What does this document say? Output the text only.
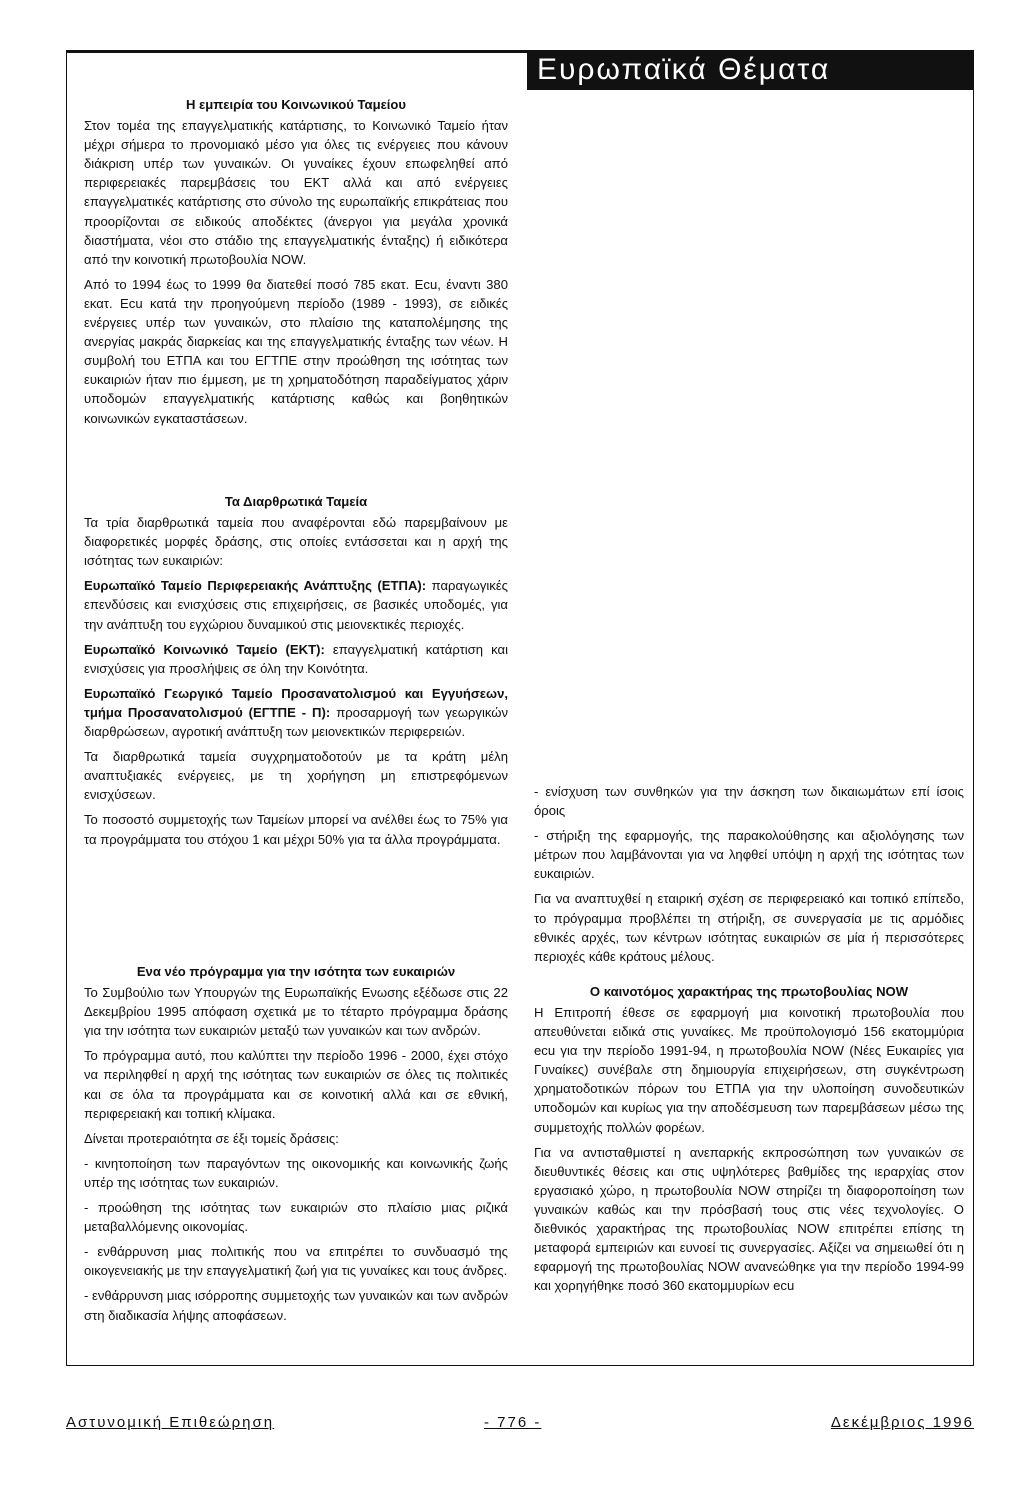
Ευρωπαϊκά Θέματα

Η εμπειρία του Κοινωνικού Ταμείου

Στον τομέα της επαγγελματικής κατάρτισης, το Κοινωνικό Ταμείο ήταν μέχρι σήμερα το προνομιακό μέσο για όλες τις ενέργειες που κάνουν διάκριση υπέρ των γυναικών. Οι γυναίκες έχουν επωφεληθεί από περιφερειακές παρεμβάσεις του ΕΚΤ αλλά και από ενέργειες επαγγελματικές κατάρτισης στο σύνολο της ευρωπαϊκής επικράτειας που προορίζονται σε ειδικούς αποδέκτες (άνεργοι για μεγάλα χρονικά διαστήματα, νέοι στο στάδιο της επαγγελματικής ένταξης) ή ειδικότερα από την κοινοτική πρωτοβουλία NOW.

Από το 1994 έως το 1999 θα διατεθεί ποσό 785 εκατ. Ecu, έναντι 380 εκατ. Ecu κατά την προηγούμενη περίοδο (1989 - 1993), σε ειδικές ενέργειες υπέρ των γυναικών, στο πλαίσιο της καταπολέμησης της ανεργίας μακράς διαρκείας και της επαγγελματικής ένταξης των νέων. Η συμβολή του ΕΤΠΑ και του ΕΓΤΠΕ στην προώθηση της ισότητας των ευκαιριών ήταν πιο έμμεση, με τη χρηματοδότηση παραδείγματος χάριν υποδομών επαγγελματικής κατάρτισης καθώς και βοηθητικών κοινωνικών εγκαταστάσεων.

Τα Διαρθρωτικά Ταμεία

Τα τρία διαρθρωτικά ταμεία που αναφέρονται εδώ παρεμβαίνουν με διαφορετικές μορφές δράσης, στις οποίες εντάσσεται και η αρχή της ισότητας των ευκαιριών:

Ευρωπαϊκό Ταμείο Περιφερειακής Ανάπτυξης (ΕΤΠΑ): παραγωγικές επενδύσεις και ενισχύσεις στις επιχειρήσεις, σε βασικές υποδομές, για την ανάπτυξη του εγχώριου δυναμικού στις μειονεκτικές περιοχές.

Ευρωπαϊκό Κοινωνικό Ταμείο (ΕΚΤ): επαγγελματική κατάρτιση και ενισχύσεις για προσλήψεις σε όλη την Κοινότητα.

Ευρωπαϊκό Γεωργικό Ταμείο Προσανατολισμού και Εγγυήσεων, τμήμα Προσανατολισμού (ΕΓΤΠΕ - Π): προσαρμογή των γεωργικών διαρθρώσεων, αγροτική ανάπτυξη των μειονεκτικών περιφερειών.

Τα διαρθρωτικά ταμεία συγχρηματοδοτούν με τα κράτη μέλη αναπτυξιακές ενέργειες, με τη χορήγηση μη επιστρεφόμενων ενισχύσεων.

Το ποσοστό συμμετοχής των Ταμείων μπορεί να ανέλθει έως το 75% για τα προγράμματα του στόχου 1 και μέχρι 50% για τα άλλα προγράμματα.

Ενα νέο πρόγραμμα για την ισότητα των ευκαιριών

Το Συμβούλιο των Υπουργών της Ευρωπαϊκής Ενωσης εξέδωσε στις 22 Δεκεμβρίου 1995 απόφαση σχετικά με το τέταρτο πρόγραμμα δράσης για την ισότητα των ευκαιριών μεταξύ των γυναικών και των ανδρών.

Το πρόγραμμα αυτό, που καλύπτει την περίοδο 1996 - 2000, έχει στόχο να περιληφθεί η αρχή της ισότητας των ευκαιριών σε όλες τις πολιτικές και σε όλα τα προγράμματα και σε κοινοτική αλλά και σε εθνική, περιφερειακή και τοπική κλίμακα.

Δίνεται προτεραιότητα σε έξι τομείς δράσεις:

- κινητοποίηση των παραγόντων της οικονομικής και κοινωνικής ζωής υπέρ της ισότητας των ευκαιριών.

- προώθηση της ισότητας των ευκαιριών στο πλαίσιο μιας ριζικά μεταβαλλόμενης οικονομίας.

- ενθάρρυνση μιας πολιτικής που να επιτρέπει το συνδυασμό της οικογενειακής με την επαγγελματική ζωή για τις γυναίκες και τους άνδρες.

- ενθάρρυνση μιας ισόρροπης συμμετοχής των γυναικών και των ανδρών στη διαδικασία λήψης αποφάσεων.

- ενίσχυση των συνθηκών για την άσκηση των δικαιωμάτων επί ίσοις όροις

- στήριξη της εφαρμογής, της παρακολούθησης και αξιολόγησης των μέτρων που λαμβάνονται για να ληφθεί υπόψη η αρχή της ισότητας των ευκαιριών.

Για να αναπτυχθεί η εταιρική σχέση σε περιφερειακό και τοπικό επίπεδο, το πρόγραμμα προβλέπει τη στήριξη, σε συνεργασία με τις αρμόδιες εθνικές αρχές, των κέντρων ισότητας ευκαιριών σε μία ή περισσότερες περιοχές κάθε κράτους μέλους.

Ο καινοτόμος χαρακτήρας της πρωτοβουλίας NOW

Η Επιτροπή έθεσε σε εφαρμογή μια κοινοτική πρωτοβουλία που απευθύνεται ειδικά στις γυναίκες. Με προϋπολογισμό 156 εκατομμύρια ecu για την περίοδο 1991-94, η πρωτοβουλία NOW (Νέες Ευκαιρίες για Γυναίκες) συνέβαλε στη δημιουργία επιχειρήσεων, στη συγκέντρωση χρηματοδοτικών πόρων του ΕΤΠΑ για την υλοποίηση συνοδευτικών υποδομών και κυρίως για την αποδέσμευση των παρεμβάσεων μέσω της συμμετοχής πολλών φορέων.

Για να αντισταθμιστεί η ανεπαρκής εκπροσώπηση των γυναικών σε διευθυντικές θέσεις και στις υψηλότερες βαθμίδες της ιεραρχίας στον εργασιακό χώρο, η πρωτοβουλία NOW στηρίζει τη διαφοροποίηση των γυναικών καθώς και την πρόσβασή τους στις νέες τεχνολογίες. Ο διεθνικός χαρακτήρας της πρωτοβουλίας NOW επιτρέπει επίσης τη μεταφορά εμπειριών και ευνοεί τις συνεργασίες. Αξίζει να σημειωθεί ότι η εφαρμογή της πρωτοβουλίας NOW ανανεώθηκε για την περίοδο 1994-99 και χορηγήθηκε ποσό 360 εκατομμυρίων ecu

Αστυνομική Επιθεώρηση	- 776 -	Δεκέμβριος 1996
